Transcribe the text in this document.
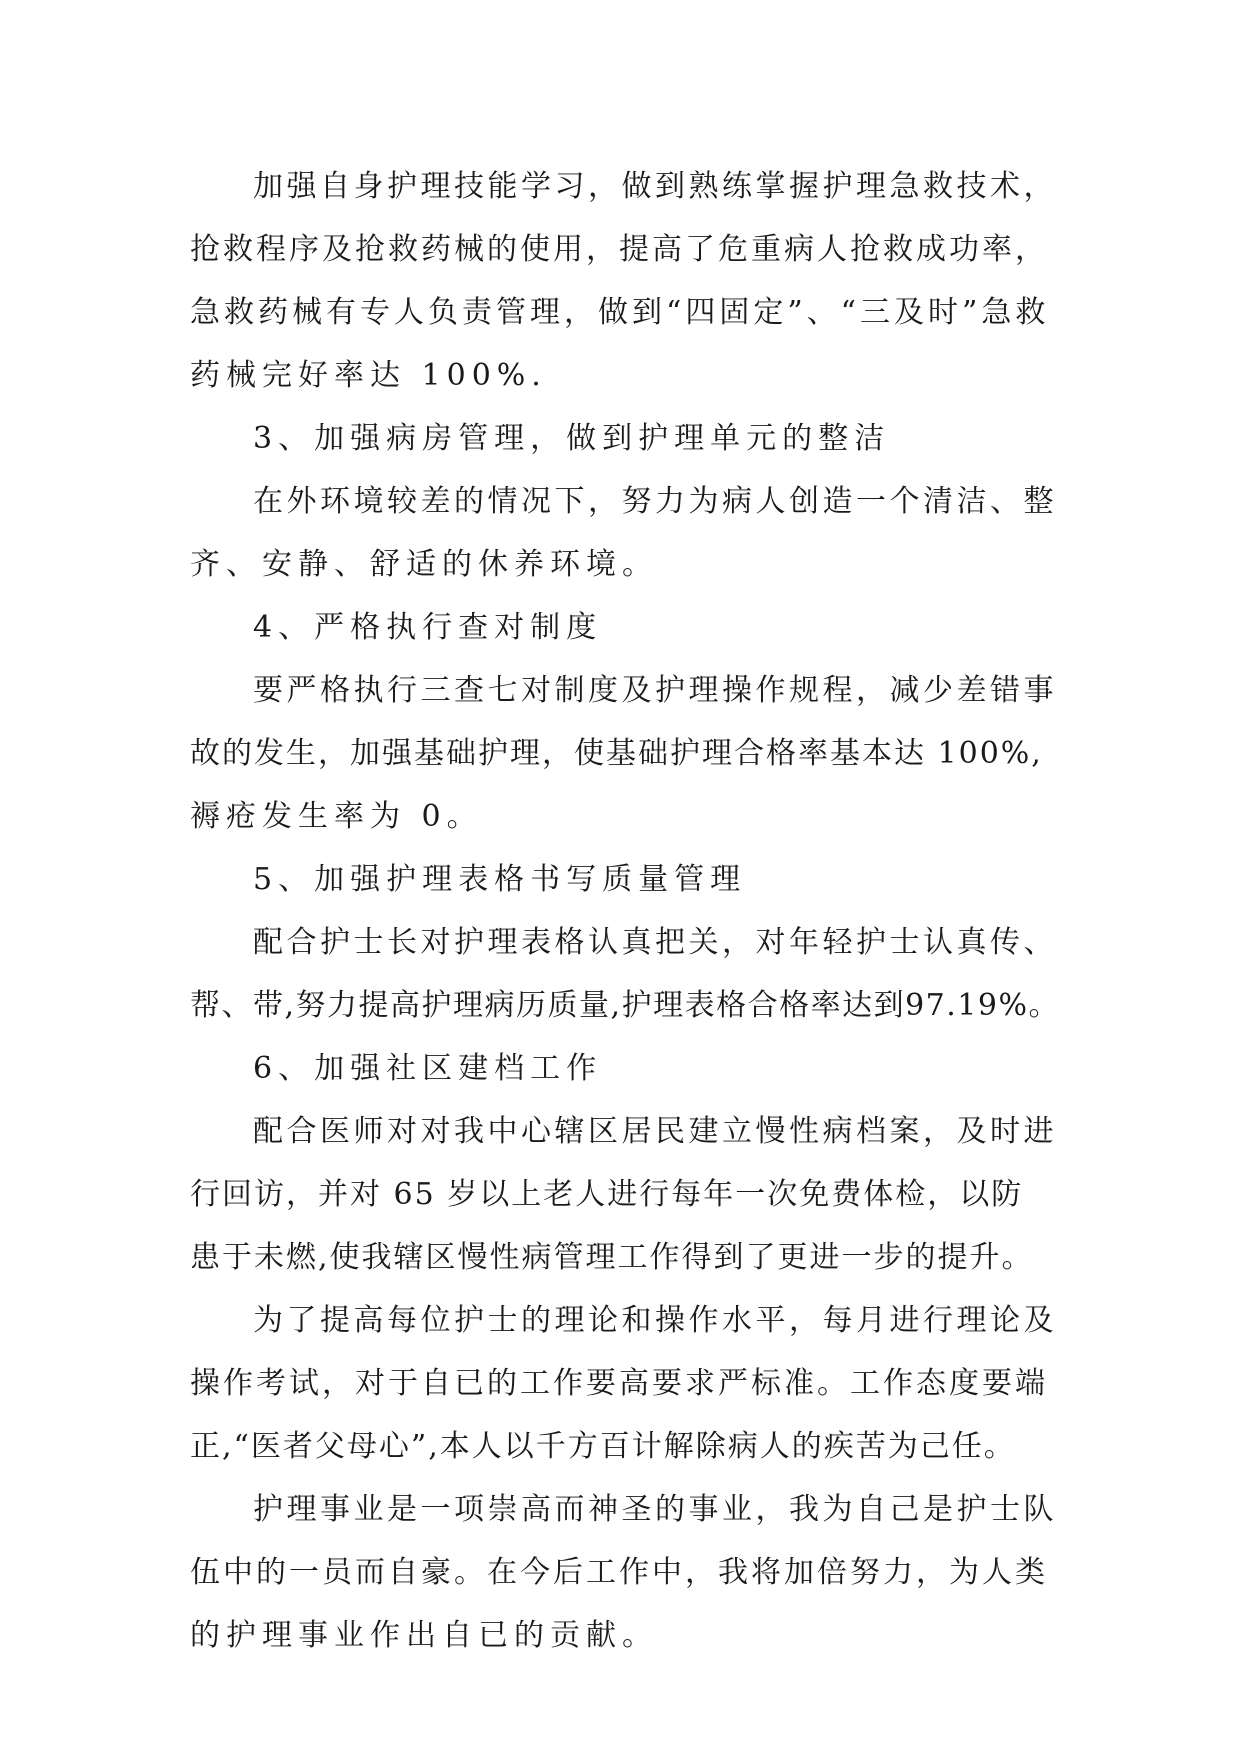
加强自身护理技能学习，做到熟练掌握护理急救技术，
抢救程序及抢救药械的使用，提高了危重病人抢救成功率，
急救药械有专人负责管理，做到“四固定”、“三及时”急救
药械完好率达 100%.
3、加强病房管理，做到护理单元的整洁
在外环境较差的情况下，努力为病人创造一个清洁、整
齐、安静、舒适的休养环境。
4、严格执行查对制度
要严格执行三查七对制度及护理操作规程，减少差错事
故的发生，加强基础护理，使基础护理合格率基本达 100%,
褥疮发生率为 0。
5、加强护理表格书写质量管理
配合护士长对护理表格认真把关，对年轻护士认真传、
帮、带,努力提高护理病历质量,护理表格合格率达到97.19%。
6、加强社区建档工作
配合医师对对我中心辖区居民建立慢性病档案，及时进
行回访，并对 65 岁以上老人进行每年一次免费体检，以防
患于未燃,使我辖区慢性病管理工作得到了更进一步的提升。
为了提高每位护士的理论和操作水平，每月进行理论及
操作考试，对于自已的工作要高要求严标准。工作态度要端
正,“医者父母心”,本人以千方百计解除病人的疾苦为己任。
护理事业是一项崇高而神圣的事业，我为自己是护士队
伍中的一员而自豪。在今后工作中，我将加倍努力，为人类
的护理事业作出自已的贡献。
